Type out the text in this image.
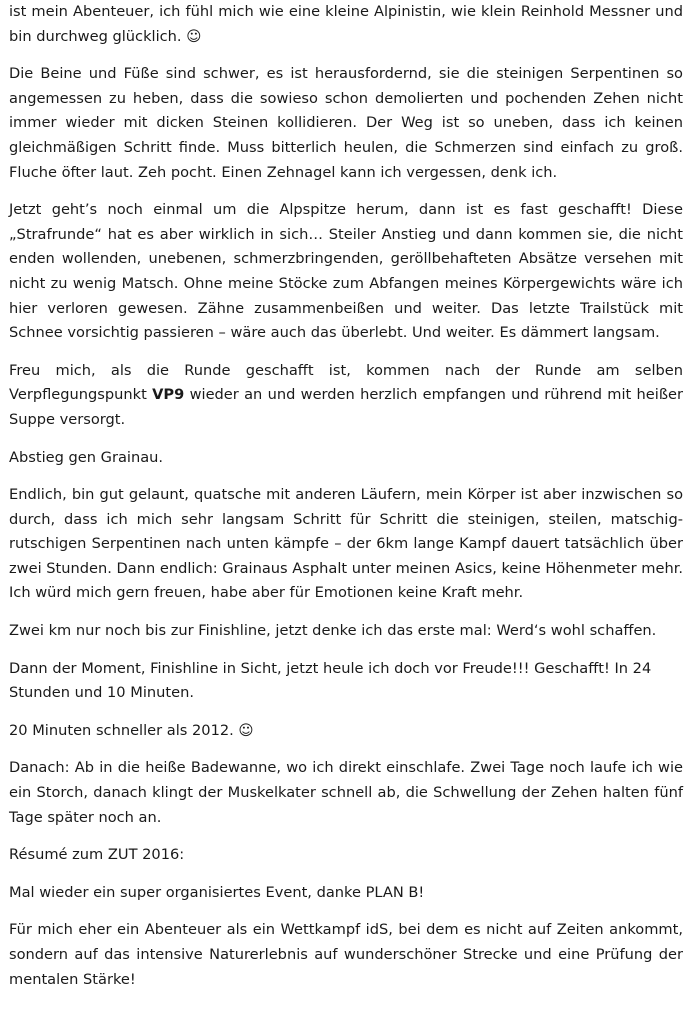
ist mein Abenteuer, ich fühl mich wie eine kleine Alpinistin, wie klein Reinhold Messner und bin durchweg glücklich. ☺

Die Beine und Füße sind schwer, es ist herausfordernd, sie die steinigen Serpentinen so angemessen zu heben, dass die sowieso schon demolierten und pochenden Zehen nicht immer wieder mit dicken Steinen kollidieren. Der Weg ist so uneben, dass ich keinen gleichmäßigen Schritt finde. Muss bitterlich heulen, die Schmerzen sind einfach zu groß. Fluche öfter laut. Zeh pocht. Einen Zehnagel kann ich vergessen, denk ich.

Jetzt geht’s noch einmal um die Alpspitze herum, dann ist es fast geschafft! Diese „Strafrunde“ hat es aber wirklich in sich… Steiler Anstieg und dann kommen sie, die nicht enden wollenden, unebenen, schmerzbringenden, geröllbehafteten Absätze versehen mit nicht zu wenig Matsch. Ohne meine Stöcke zum Abfangen meines Körpergewichts wäre ich hier verloren gewesen. Zähne zusammenbeißen und weiter. Das letzte Trailstück mit Schnee vorsichtig passieren – wäre auch das überlebt. Und weiter. Es dämmert langsam.

Freu mich, als die Runde geschafft ist, kommen nach der Runde am selben Verpflegungspunkt VP9 wieder an und werden herzlich empfangen und rührend mit heißer Suppe versorgt.

Abstieg gen Grainau.

Endlich, bin gut gelaunt, quatsche mit anderen Läufern, mein Körper ist aber inzwischen so durch, dass ich mich sehr langsam Schritt für Schritt die steinigen, steilen, matschig-rutschigen Serpentinen nach unten kämpfe – der 6km lange Kampf dauert tatsächlich über zwei Stunden. Dann endlich: Grainaus Asphalt unter meinen Asics, keine Höhenmeter mehr. Ich würd mich gern freuen, habe aber für Emotionen keine Kraft mehr.

Zwei km nur noch bis zur Finishline, jetzt denke ich das erste mal: Werd‘s wohl schaffen.

Dann der Moment, Finishline in Sicht, jetzt heule ich doch vor Freude!!! Geschafft! In 24 Stunden und 10 Minuten.

20 Minuten schneller als 2012. ☺

Danach: Ab in die heiße Badewanne, wo ich direkt einschlafe. Zwei Tage noch laufe ich wie ein Storch, danach klingt der Muskelkater schnell ab, die Schwellung der Zehen halten fünf Tage später noch an.

Résumé zum ZUT 2016:

Mal wieder ein super organisiertes Event, danke PLAN B!

Für mich eher ein Abenteuer als ein Wettkampf idS, bei dem es nicht auf Zeiten ankommt, sondern auf das intensive Naturerlebnis auf wunderschöner Strecke und eine Prüfung der mentalen Stärke!
